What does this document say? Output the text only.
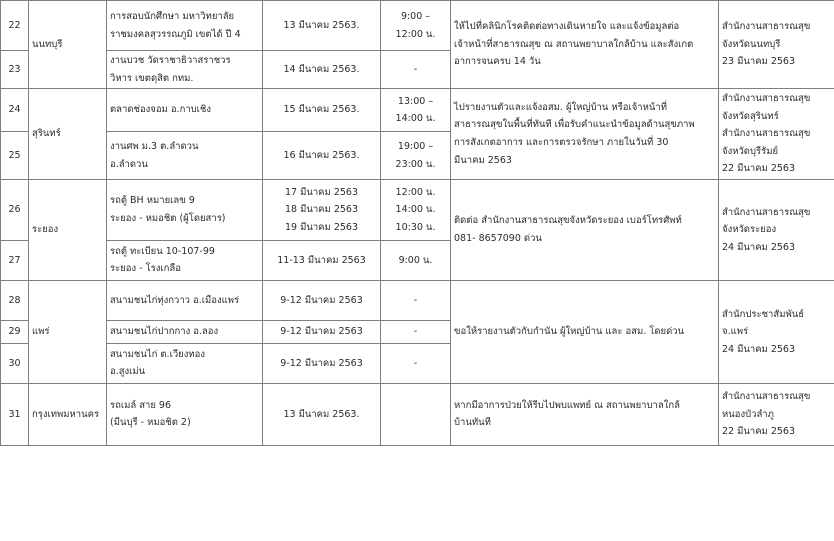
22	นนทบุรี	การสอบนักศึกษา มหาวิทยาลัย
ราชมงคลสุวรรณภูมิ เขตได้ ปี 4	13 มีนาคม 2563.	9:00 –
12:00 น.	ให้ไปที่คลินิกโรคติดต่อทางเดินหายใจ และแจ้งข้อมูลต่อ
เจ้าหน้าที่สาธารณสุข ณ สถานพยาบาลใกล้บ้าน และสังเกต
อาการจนครบ 14 วัน	สำนักงานสาธารณสุข
จังหวัดนนทบุรี
23 มีนาคม 2563

23		งานบวช วัดราชาธิวาสราชวร
วิหาร เขตดุสิต กทม.	14 มีนาคม 2563.	-		

24	สุรินทร์	ตลาดช่องจอม อ.กาบเชิง	15 มีนาคม 2563.	13:00 –
14:00 น.	ไปรายงานตัวและแจ้งอสม. ผู้ใหญ่บ้าน หรือเจ้าหน้าที่
สาธารณสุขในพื้นที่ทันที เพื่อรับคำแนะนำข้อมูลด้านสุขภาพ
การสังเกตอาการ และการตรวจรักษา ภายในวันที่ 30
มีนาคม 2563	สำนักงานสาธารณสุข
จังหวัดสุรินทร์
สำนักงานสาธารณสุข
จังหวัดบุรีรัมย์
22 มีนาคม 2563

25		งานศพ ม.3 ต.ลำดวน
อ.ลำดวน	16 มีนาคม 2563.	19:00 –
23:00 น.		

26	ระยอง	รถตู้ BH หมายเลข 9
ระยอง - หมอชิต (ผู้โดยสาร)	17 มีนาคม 2563
18 มีนาคม 2563
19 มีนาคม 2563	12:00 น.
14:00 น.
10:30 น.	ติดต่อ สำนักงานสาธารณสุขจังหวัดระยอง เบอร์โทรศัพท์
081- 8657090 ด่วน	สำนักงานสาธารณสุข
จังหวัดระยอง
24 มีนาคม 2563

27		รถตู้ ทะเบียน 10-107-99
ระยอง - โรงเกลือ	11-13 มีนาคม 2563	9:00 น.		

28	แพร่	สนามชนไก่ทุ่งกวาว อ.เมืองแพร่	9-12 มีนาคม 2563	-	ขอให้รายงานตัวกับกำนัน ผู้ใหญ่บ้าน และ อสม. โดยด่วน	สำนักประชาสัมพันธ์
จ.แพร่
24 มีนาคม 2563

29		สนามชนไก่ปากกาง อ.ลอง	9-12 มีนาคม 2563	-		

30		สนามชนไก่ ต.เวียงทอง
อ.สูงเม่น	9-12 มีนาคม 2563	-		

31	กรุงเทพมหานคร	รถเมล์ สาย 96
(มีนบุรี - หมอชิต 2)	13 มีนาคม 2563.		หากมีอาการป่วยให้รีบไปพบแพทย์ ณ สถานพยาบาลใกล้
บ้านทันที	สำนักงานสาธารณสุข
หนองบัวลำภู
22 มีนาคม 2563
